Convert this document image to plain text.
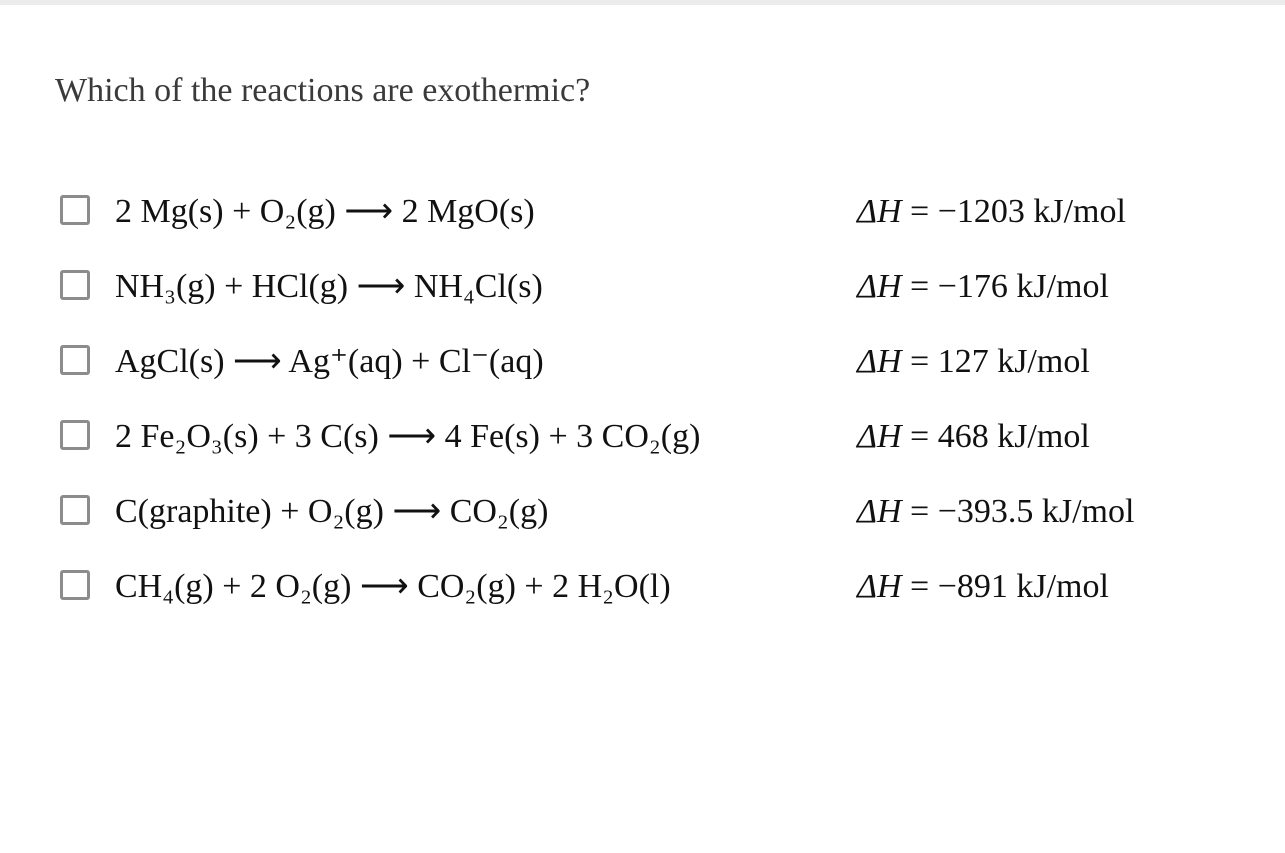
Which of the reactions are exothermic?
2 Mg(s) + O₂(g) ⟶ 2 MgO(s)	ΔH = −1203 kJ/mol
NH₃(g) + HCl(g) ⟶ NH₄Cl(s)	ΔH = −176 kJ/mol
AgCl(s) ⟶ Ag⁺(aq) + Cl⁻(aq)	ΔH = 127 kJ/mol
2 Fe₂O₃(s) + 3 C(s) ⟶ 4 Fe(s) + 3 CO₂(g)	ΔH = 468 kJ/mol
C(graphite) + O₂(g) ⟶ CO₂(g)	ΔH = −393.5 kJ/mol
CH₄(g) + 2 O₂(g) ⟶ CO₂(g) + 2 H₂O(l)	ΔH = −891 kJ/mol
